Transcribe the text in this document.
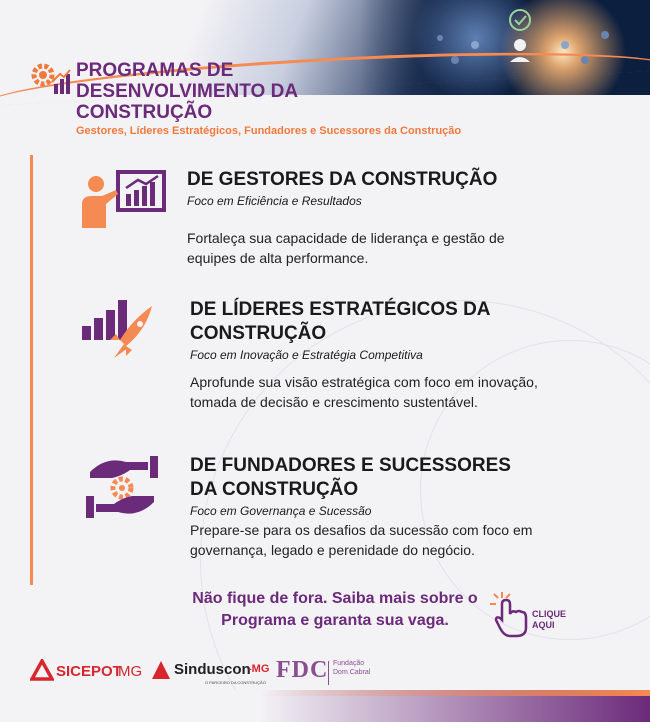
PROGRAMAS DE DESENVOLVIMENTO DA CONSTRUÇÃO
Gestores, Líderes Estratégicos, Fundadores e Sucessores da Construção
DE GESTORES DA CONSTRUÇÃO
Foco em Eficiência e Resultados
Fortaleça sua capacidade de liderança e gestão de equipes de alta performance.
DE LÍDERES ESTRATÉGICOS DA CONSTRUÇÃO
Foco em Inovação e Estratégia Competitiva
Aprofunde sua visão estratégica com foco em inovação, tomada de decisão e crescimento sustentável.
DE FUNDADORES E SUCESSORES DA CONSTRUÇÃO
Foco em Governança e Sucessão
Prepare-se para os desafios da sucessão com foco em governança, legado e perenidade do negócio.
Não fique de fora. Saiba mais sobre o Programa e garanta sua vaga.	CLIQUE AQUI
SICEPOT
MG Sinduscon
-MG
O PARCEIRO DA CONSTRUÇÃO FDC Fundação Dom Cabral
